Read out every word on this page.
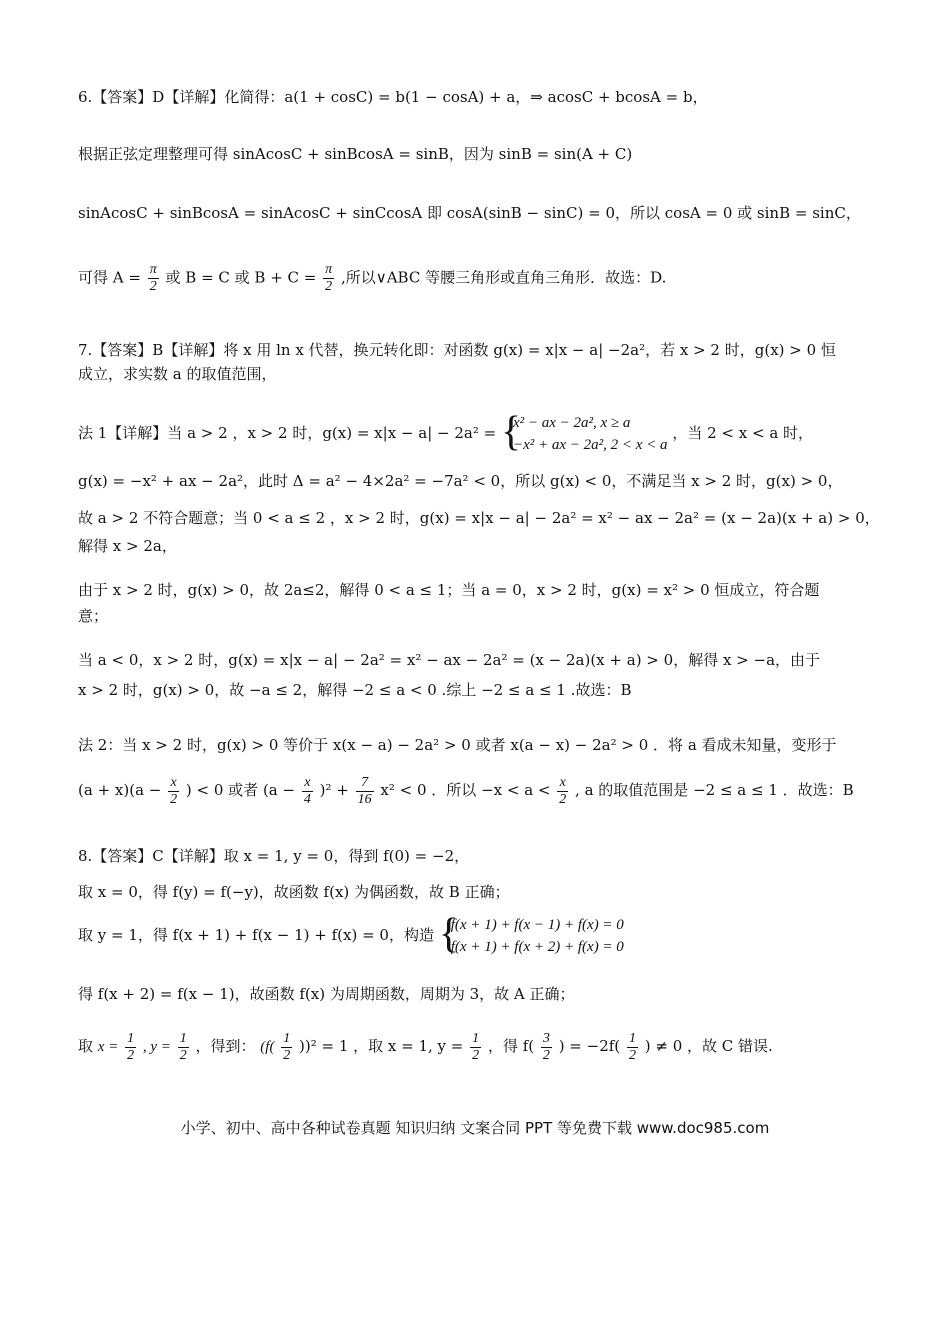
6.【答案】D【详解】化简得：a(1 + cosC) = b(1 − cosA) + a，⇒ acosC + bcosA = b，
根据正弦定理整理可得 sinAcosC + sinBcosA = sinB，因为 sinB = sin(A + C)
sinAcosC + sinBcosA = sinAcosC + sinCcosA 即 cosA(sinB − sinC) = 0，所以 cosA = 0 或 sinB = sinC，
可得 $A = \frac{\pi}{2}$ 或 B = C 或 $B + C = \frac{\pi}{2}$ ,所以∨ABC 等腰三角形或直角三角形．故选：D.
7.【答案】B【详解】将 x 用 ln x 代替，换元转化即：对函数 g(x) = x|x − a| −2a²，若 x > 2 时，g(x) > 0 恒
成立，求实数 a 的取值范围，
法 1【详解】当 a > 2 ，x > 2 时，g(x) = x|x − a| − 2a² = {
x² − ax − 2a², x ≥ a
−x² + ax − 2a², 2 < x < a
，当 2 < x < a 时，
g(x) = −x² + ax − 2a²，此时 Δ = a² − 4×2a² = −7a² < 0，所以 g(x) < 0，不满足当 x > 2 时，g(x) > 0，
故 a > 2 不符合题意；当 0 < a ≤ 2 ，x > 2 时，g(x) = x|x − a| − 2a² = x² − ax − 2a² = (x − 2a)(x + a) > 0，
解得 x > 2a，
由于 x > 2 时，g(x) > 0，故 2a≤2，解得 0 < a ≤ 1；当 a = 0，x > 2 时，g(x) = x² > 0 恒成立，符合题
意；
当 a < 0，x > 2 时，g(x) = x|x − a| − 2a² = x² − ax − 2a² = (x − 2a)(x + a) > 0，解得 x > −a，由于
x > 2 时，g(x) > 0，故 −a ≤ 2，解得 −2 ≤ a < 0 .综上 −2 ≤ a ≤ 1 .故选：B
法 2：当 x > 2 时，g(x) > 0 等价于 x(x − a) − 2a² > 0 或者 x(a − x) − 2a² > 0 ．将 a 看成未知量，变形于
$(a + x)(a - \frac{x}{2}$ ) < 0 或者 $(a - \frac{x}{4} )^2 + \frac{7}{16} x^2 < 0$ ．所以 $-x < a < \frac{x}{2}$ , a 的取值范围是 −2 ≤ a ≤ 1 ．故选：B
8.【答案】C【详解】取 x = 1, y = 0，得到 f(0) = −2，
取 x = 0，得 f(y) = f(−y)，故函数 f(x) 为偶函数，故 B 正确；
取 y = 1，得 f(x + 1) + f(x − 1) + f(x) = 0，构造 {
f(x + 1) + f(x − 1) + f(x) = 0
f(x + 1) + f(x + 2) + f(x) = 0
得 f(x + 2) = f(x − 1)，故函数 f(x) 为周期函数，周期为 3，故 A 正确；
取 $x = \frac{1}{2}$ , $y = \frac{1}{2}$ ，得到： $(f( \frac{1}{2} ))^2 = 1$ ，取 x = 1, $y = \frac{1}{2}$ ，得 $f( \frac{3}{2}$ ) = $-2f( \frac{1}{2}$ ) ≠ 0 ，故 C 错误.
小学、初中、高中各种试卷真题 知识归纳 文案合同 PPT 等免费下载 www.doc985.com
